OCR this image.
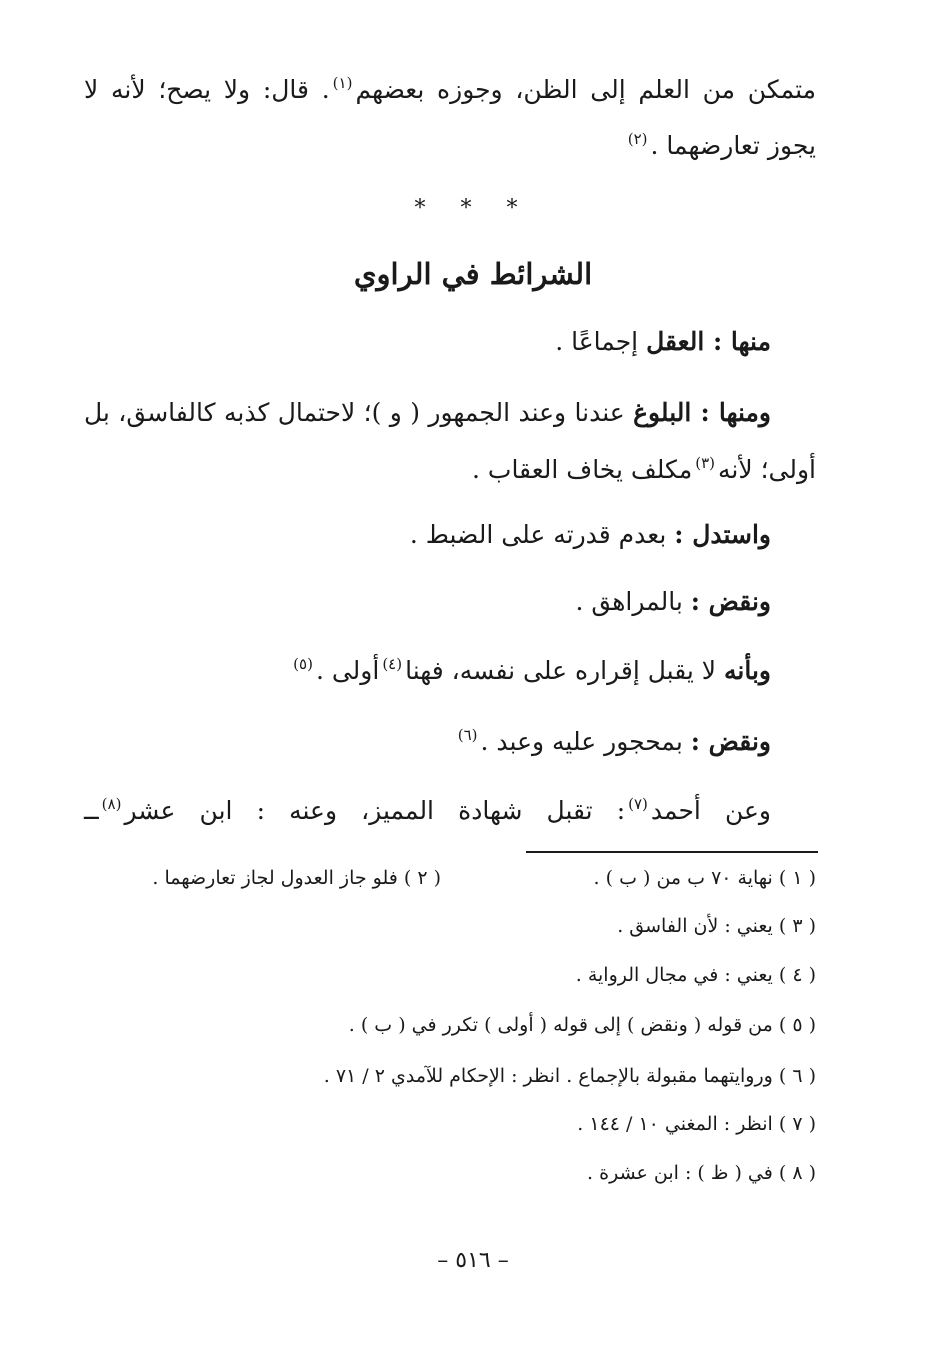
متمكن من العلم إلى الظن، وجوزه بعضهم$^{(١)}$. قال: ولا يصح؛ لأنه لا
يجوز تعارضهما .$^{(٢)}$
* * *
الشرائط في الراوي
منها : العقل إجماعًا .
ومنها : البلوغ عندنا وعند الجمهور ( و )؛ لاحتمال كذبه كالفاسق، بل
أولى؛ لأنه$^{(٣)}$مكلف يخاف العقاب .
واستدل : بعدم قدرته على الضبط .
ونقض : بالمراهق .
وبأنه لا يقبل إقراره على نفسه، فهنا$^{(٤)}$أولى .$^{(٥)}$
ونقض : بمحجور عليه وعبد .$^{(٦)}$
وعن أحمد$^{(٧)}$: تقبل شهادة المميز، وعنه : ابن عشر$^{(٨)}$ــ
( ١ ) نهاية ٧٠ ب من ( ب ) .
( ٢ ) فلو جاز العدول لجاز تعارضهما .
( ٣ ) يعني : لأن الفاسق .
( ٤ ) يعني : في مجال الرواية .
( ٥ ) من قوله ( ونقض ) إلى قوله ( أولى ) تكرر في ( ب ) .
( ٦ ) وروايتهما مقبولة بالإجماع . انظر : الإحكام للآمدي ٢ / ٧١ .
( ٧ ) انظر : المغني ١٠ / ١٤٤ .
( ٨ ) في ( ظ ) : ابن عشرة .
– ٥١٦ –
